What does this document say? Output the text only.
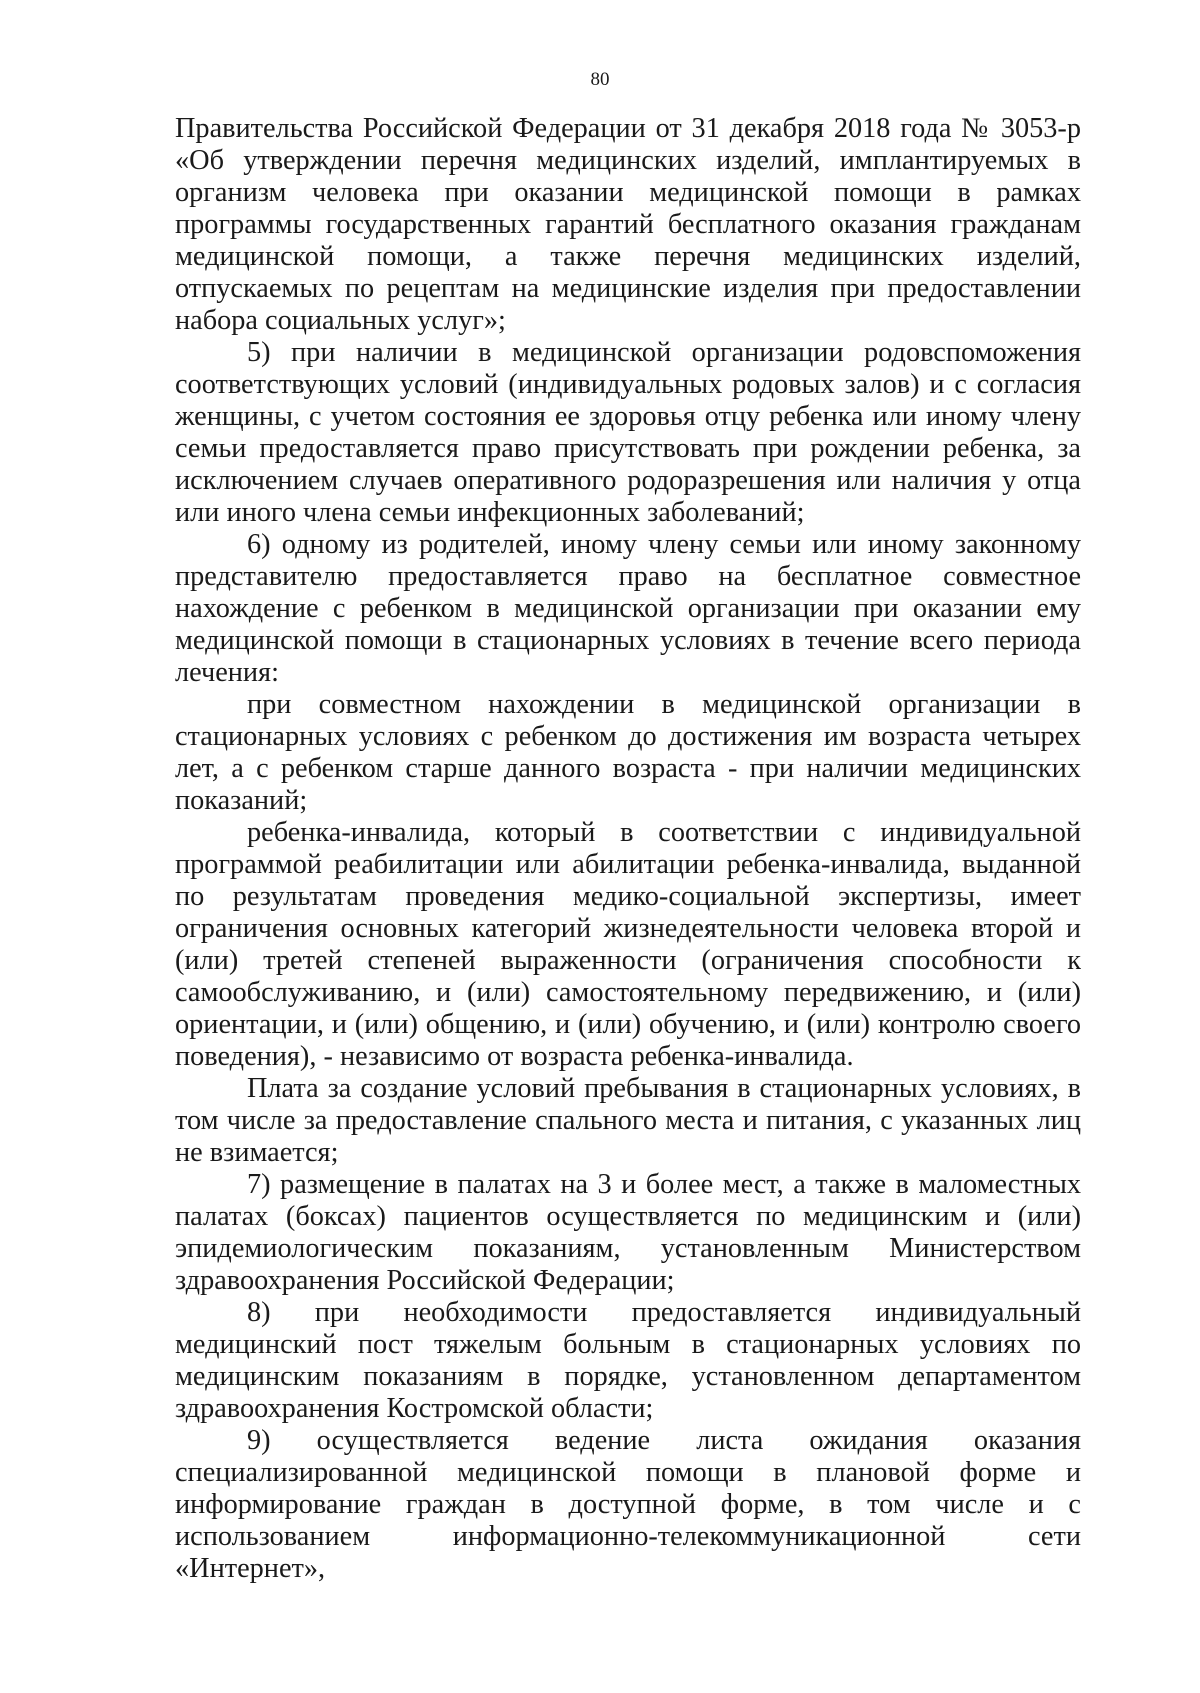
80

Правительства Российской Федерации от 31 декабря 2018 года № 3053-р «Об утверждении перечня медицинских изделий, имплантируемых в организм человека при оказании медицинской помощи в рамках программы государственных гарантий бесплатного оказания гражданам медицинской помощи, а также перечня медицинских изделий, отпускаемых по рецептам на медицинские изделия при предоставлении набора социальных услуг»;

5) при наличии в медицинской организации родовспоможения соответствующих условий (индивидуальных родовых залов) и с согласия женщины, с учетом состояния ее здоровья отцу ребенка или иному члену семьи предоставляется право присутствовать при рождении ребенка, за исключением случаев оперативного родоразрешения или наличия у отца или иного члена семьи инфекционных заболеваний;

6) одному из родителей, иному члену семьи или иному законному представителю предоставляется право на бесплатное совместное нахождение с ребенком в медицинской организации при оказании ему медицинской помощи в стационарных условиях в течение всего периода лечения:

при совместном нахождении в медицинской организации в стационарных условиях с ребенком до достижения им возраста четырех лет, а с ребенком старше данного возраста - при наличии медицинских показаний;

ребенка-инвалида, который в соответствии с индивидуальной программой реабилитации или абилитации ребенка-инвалида, выданной по результатам проведения медико-социальной экспертизы, имеет ограничения основных категорий жизнедеятельности человека второй и (или) третей степеней выраженности (ограничения способности к самообслуживанию, и (или) самостоятельному передвижению, и (или) ориентации, и (или) общению, и (или) обучению, и (или) контролю своего поведения), - независимо от возраста ребенка-инвалида.

Плата за создание условий пребывания в стационарных условиях, в том числе за предоставление спального места и питания, с указанных лиц не взимается;

7) размещение в палатах на 3 и более мест, а также в маломестных палатах (боксах) пациентов осуществляется по медицинским и (или) эпидемиологическим показаниям, установленным Министерством здравоохранения Российской Федерации;

8) при необходимости предоставляется индивидуальный медицинский пост тяжелым больным в стационарных условиях по медицинским показаниям в порядке, установленном департаментом здравоохранения Костромской области;

9) осуществляется ведение листа ожидания оказания специализированной медицинской помощи в плановой форме и информирование граждан в доступной форме, в том числе и с использованием информационно-телекоммуникационной сети «Интернет»,
